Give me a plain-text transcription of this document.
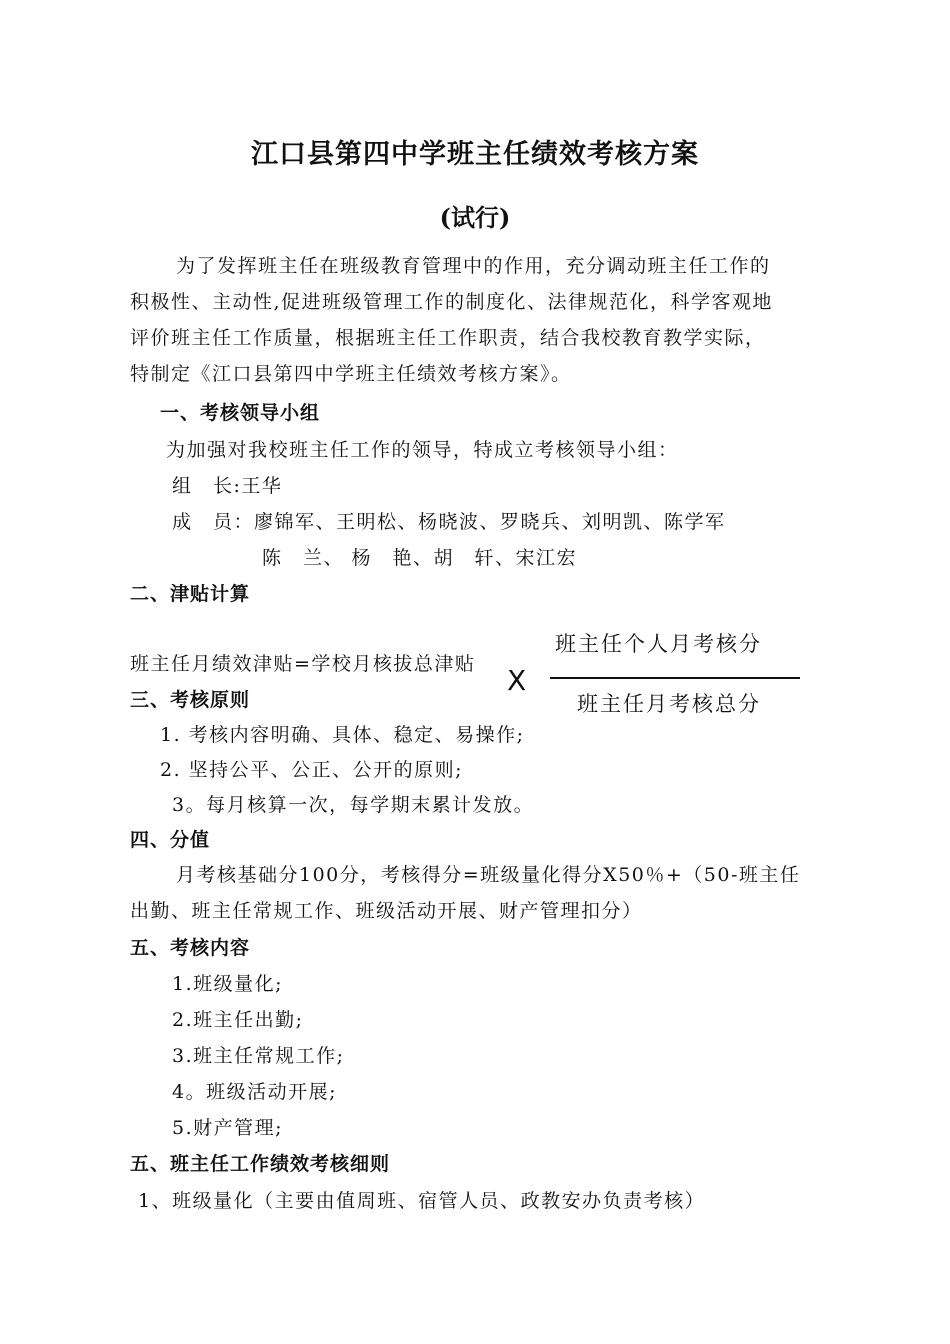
江口县第四中学班主任绩效考核方案
(试行)
为了发挥班主任在班级教育管理中的作用，充分调动班主任工作的
积极性、主动性,促进班级管理工作的制度化、法律规范化，科学客观地
评价班主任工作质量，根据班主任工作职责，结合我校教育教学实际，
特制定《江口县第四中学班主任绩效考核方案》。
一、考核领导小组
为加强对我校班主任工作的领导，特成立考核领导小组：
组　长:王华
成　员：廖锦军、王明松、杨晓波、罗晓兵、刘明凯、陈学军
陈　兰、 杨　艳、胡　轩、宋江宏
二、津贴计算
班主任月绩效津贴=学校月核拔总津贴 X
班主任个人月考核分
班主任月考核总分
三、考核原则
1. 考核内容明确、具体、稳定、易操作;
2. 坚持公平、公正、公开的原则;
3。每月核算一次，每学期末累计发放。
四、分值
月考核基础分100分，考核得分=班级量化得分X50％+（50-班主任
出勤、班主任常规工作、班级活动开展、财产管理扣分）
五、考核内容
1.班级量化;
2.班主任出勤;
3.班主任常规工作;
4。班级活动开展;
5.财产管理;
五、班主任工作绩效考核细则
1、班级量化（主要由值周班、宿管人员、政教安办负责考核）
